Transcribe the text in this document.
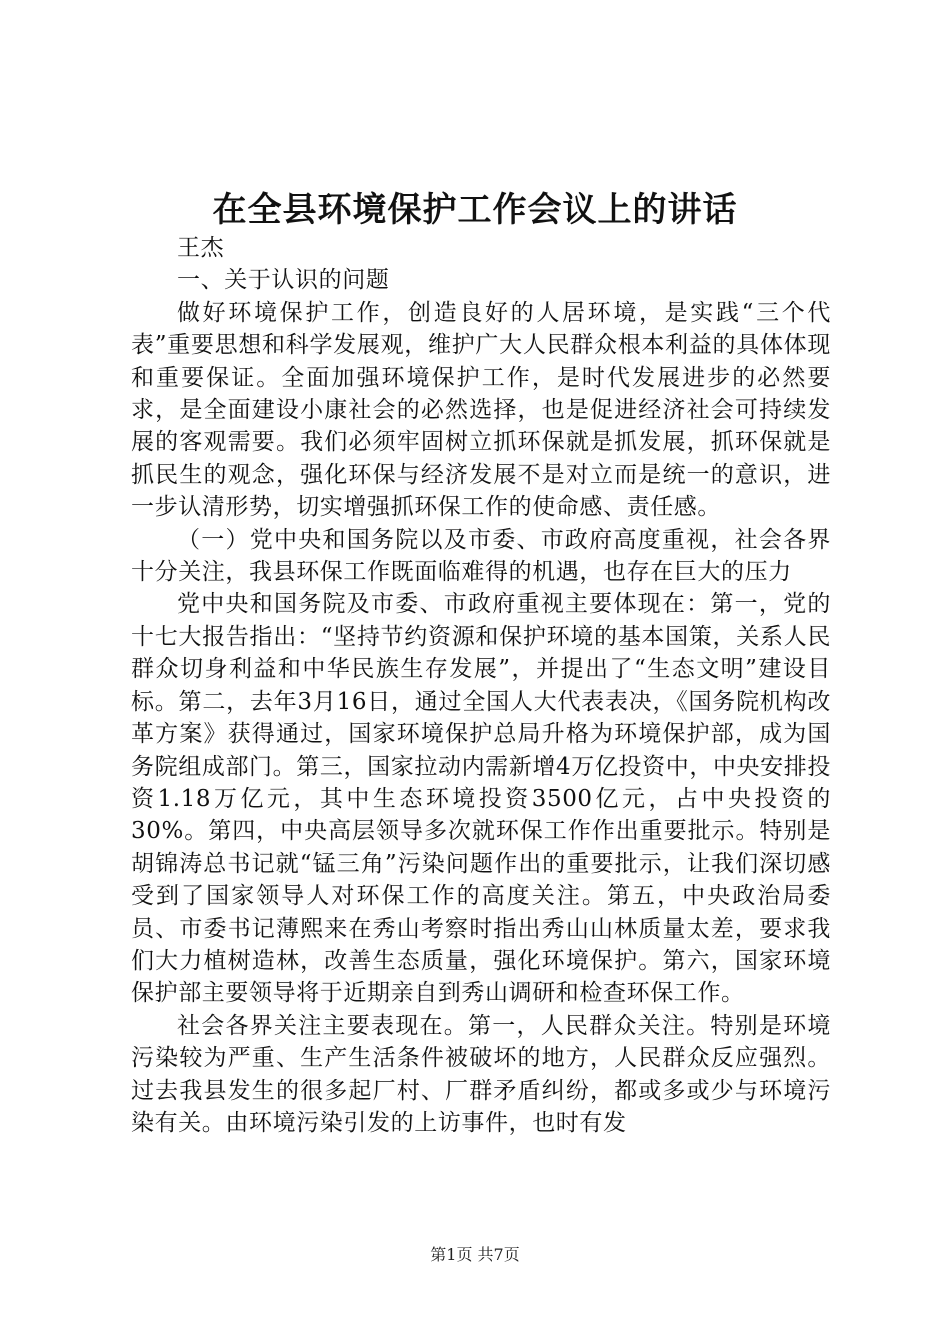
在全县环境保护工作会议上的讲话

王杰

一、关于认识的问题

做好环境保护工作，创造良好的人居环境，是实践“三个代表”重要思想和科学发展观，维护广大人民群众根本利益的具体体现和重要保证。全面加强环境保护工作，是时代发展进步的必然要求，是全面建设小康社会的必然选择，也是促进经济社会可持续发展的客观需要。我们必须牢固树立抓环保就是抓发展，抓环保就是抓民生的观念，强化环保与经济发展不是对立而是统一的意识，进一步认清形势，切实增强抓环保工作的使命感、责任感。

（一）党中央和国务院以及市委、市政府高度重视，社会各界十分关注，我县环保工作既面临难得的机遇，也存在巨大的压力

党中央和国务院及市委、市政府重视主要体现在：第一，党的十七大报告指出：“坚持节约资源和保护环境的基本国策，关系人民群众切身利益和中华民族生存发展”，并提出了“生态文明”建设目标。第二，去年3月16日，通过全国人大代表表决，《国务院机构改革方案》获得通过，国家环境保护总局升格为环境保护部，成为国务院组成部门。第三，国家拉动内需新增4万亿投资中，中央安排投资1.18万亿元，其中生态环境投资3500亿元，占中央投资的30%。第四，中央高层领导多次就环保工作作出重要批示。特别是胡锦涛总书记就“锰三角”污染问题作出的重要批示，让我们深切感受到了国家领导人对环保工作的高度关注。第五，中央政治局委员、市委书记薄熙来在秀山考察时指出秀山山林质量太差，要求我们大力植树造林，改善生态质量，强化环境保护。第六，国家环境保护部主要领导将于近期亲自到秀山调研和检查环保工作。

社会各界关注主要表现在。第一，人民群众关注。特别是环境污染较为严重、生产生活条件被破坏的地方，人民群众反应强烈。过去我县发生的很多起厂村、厂群矛盾纠纷，都或多或少与环境污染有关。由环境污染引发的上访事件，也时有发

第1页 共7页
